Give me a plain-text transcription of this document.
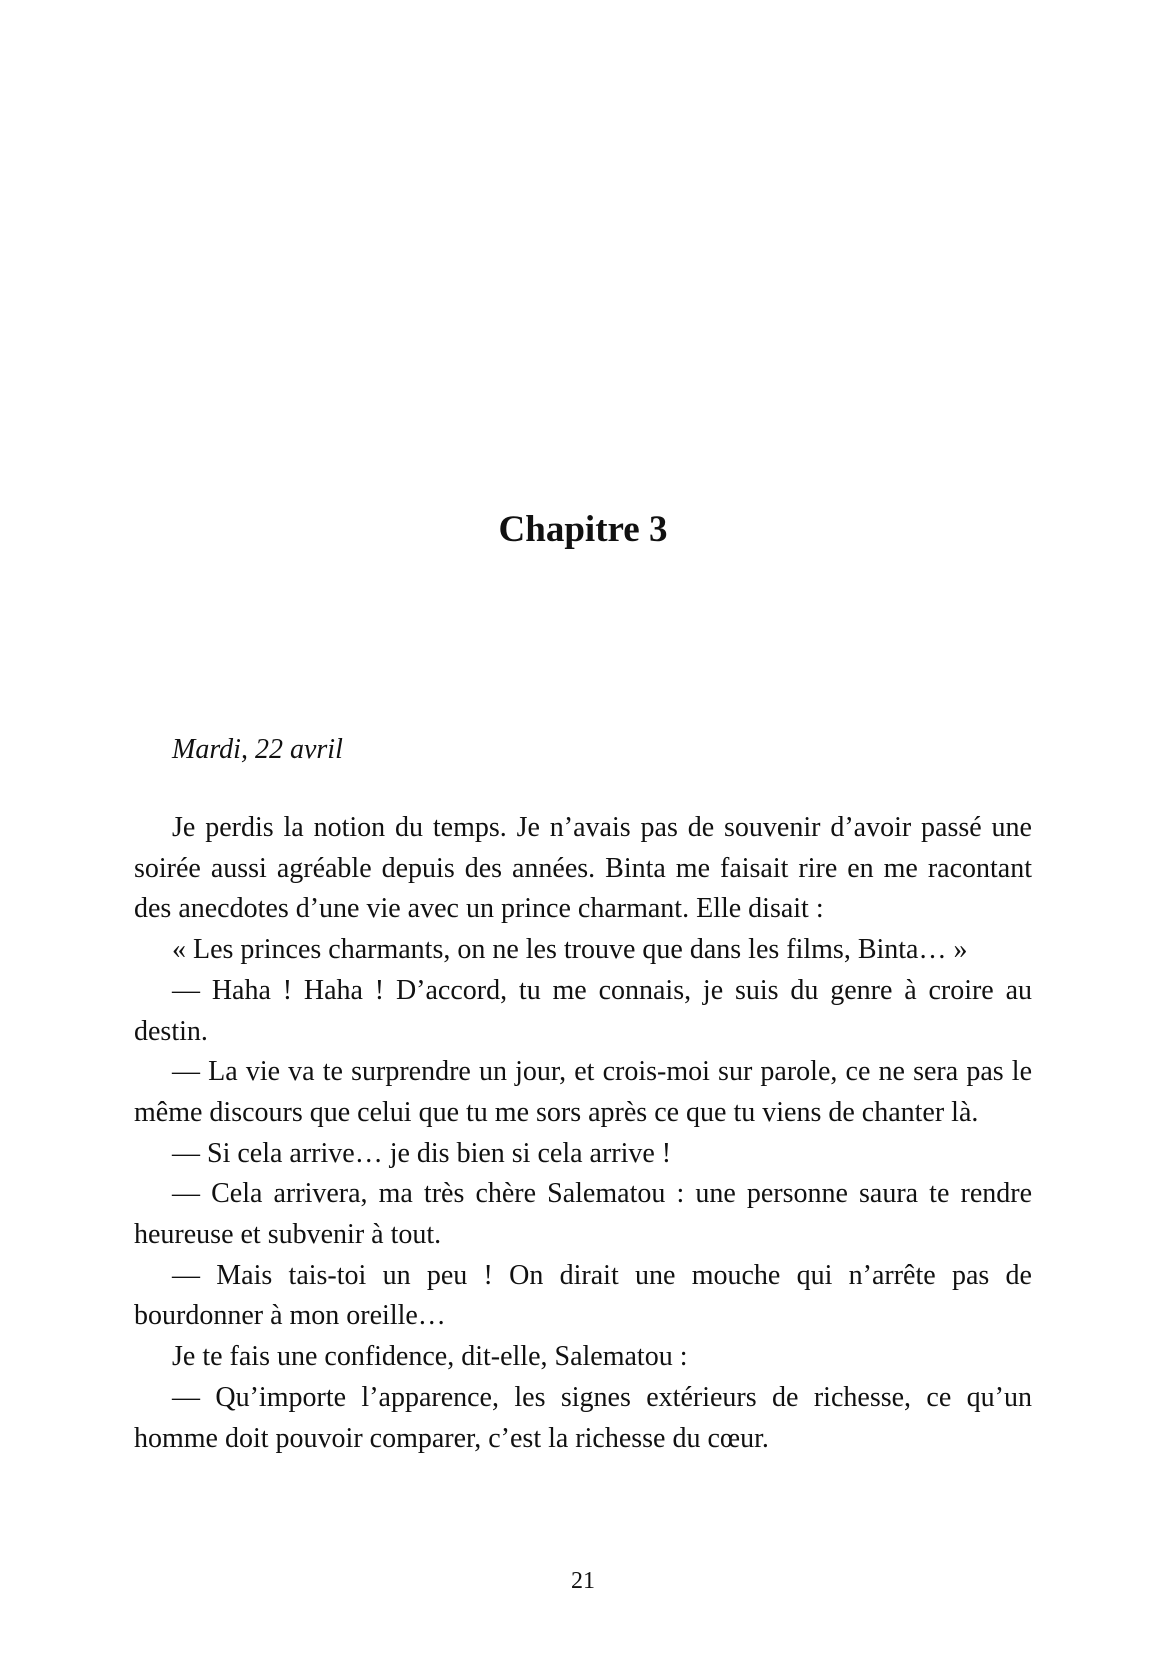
Chapitre 3

Mardi, 22 avril

Je perdis la notion du temps. Je n’avais pas de souvenir d’avoir passé une soirée aussi agréable depuis des années. Binta me faisait rire en me racontant des anecdotes d’une vie avec un prince charmant. Elle disait :

« Les princes charmants, on ne les trouve que dans les films, Binta… »

— Haha ! Haha ! D’accord, tu me connais, je suis du genre à croire au destin.

— La vie va te surprendre un jour, et crois-moi sur parole, ce ne sera pas le même discours que celui que tu me sors après ce que tu viens de chanter là.

— Si cela arrive… je dis bien si cela arrive !

— Cela arrivera, ma très chère Salematou : une personne saura te rendre heureuse et subvenir à tout.

— Mais tais-toi un peu ! On dirait une mouche qui n’arrête pas de bourdonner à mon oreille…

Je te fais une confidence, dit-elle, Salematou :

— Qu’importe l’apparence, les signes extérieurs de richesse, ce qu’un homme doit pouvoir comparer, c’est la richesse du cœur.

21
